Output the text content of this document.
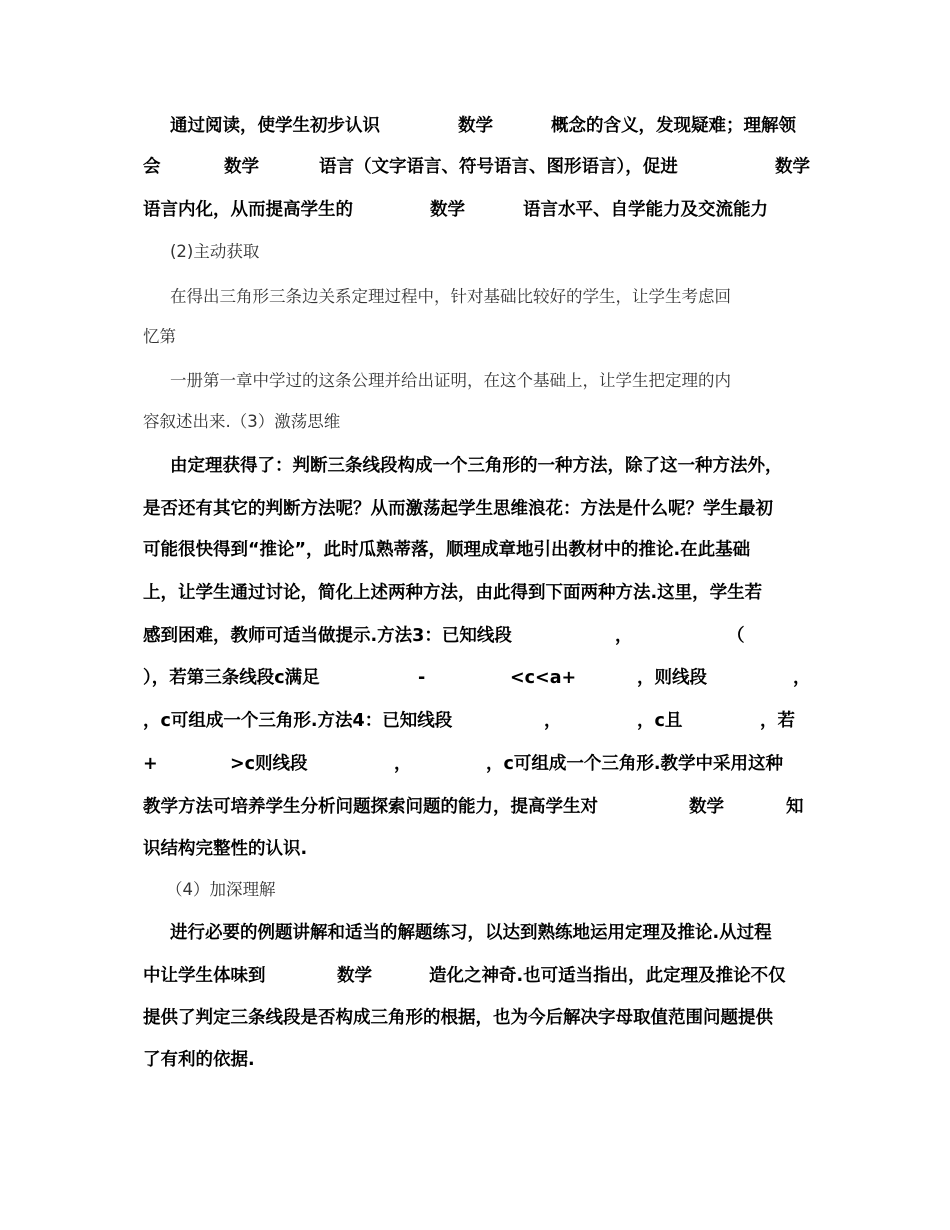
通过阅读，使学生初步认识

	数学

	概念的含义，发现疑难；理解领

会

	数学

	语言（文字语言、符号语言、图形语言），促进

	数学

语言内化，从而提高学生的

	数学

	语言水平、自学能力及交流能力

(2)主动获取

在得出三角形三条边关系定理过程中，针对基础比较好的学生，让学生考虑回

忆第

一册第一章中学过的这条公理并给出证明，在这个基础上，让学生把定理的内

容叙述出来.（3）激荡思维

由定理获得了：判断三条线段构成一个三角形的一种方法，除了这一种方法外，

是否还有其它的判断方法呢？从而激荡起学生思维浪花：方法是什么呢？学生最初

可能很快得到“推论”，此时瓜熟蒂落，顺理成章地引出教材中的推论.在此基础

上，让学生通过讨论，简化上述两种方法，由此得到下面两种方法.这里，学生若

感到困难，教师可适当做提示.方法3：已知线段

	，

	（

），若第三条线段c满足

	-

	<c<a+

	，则线段

	，

，c可组成一个三角形.方法4：已知线段

	，

	，c且

	，若

+

	>c则线段

	，

	，c可组成一个三角形.教学中采用这种

教学方法可培养学生分析问题探索问题的能力，提高学生对

	数学

	知

识结构完整性的认识.

（4）加深理解

进行必要的例题讲解和适当的解题练习，以达到熟练地运用定理及推论.从过程

中让学生体味到

	数学

	造化之神奇.也可适当指出，此定理及推论不仅

提供了判定三条线段是否构成三角形的根据，也为今后解决字母取值范围问题提供

了有利的依据.
